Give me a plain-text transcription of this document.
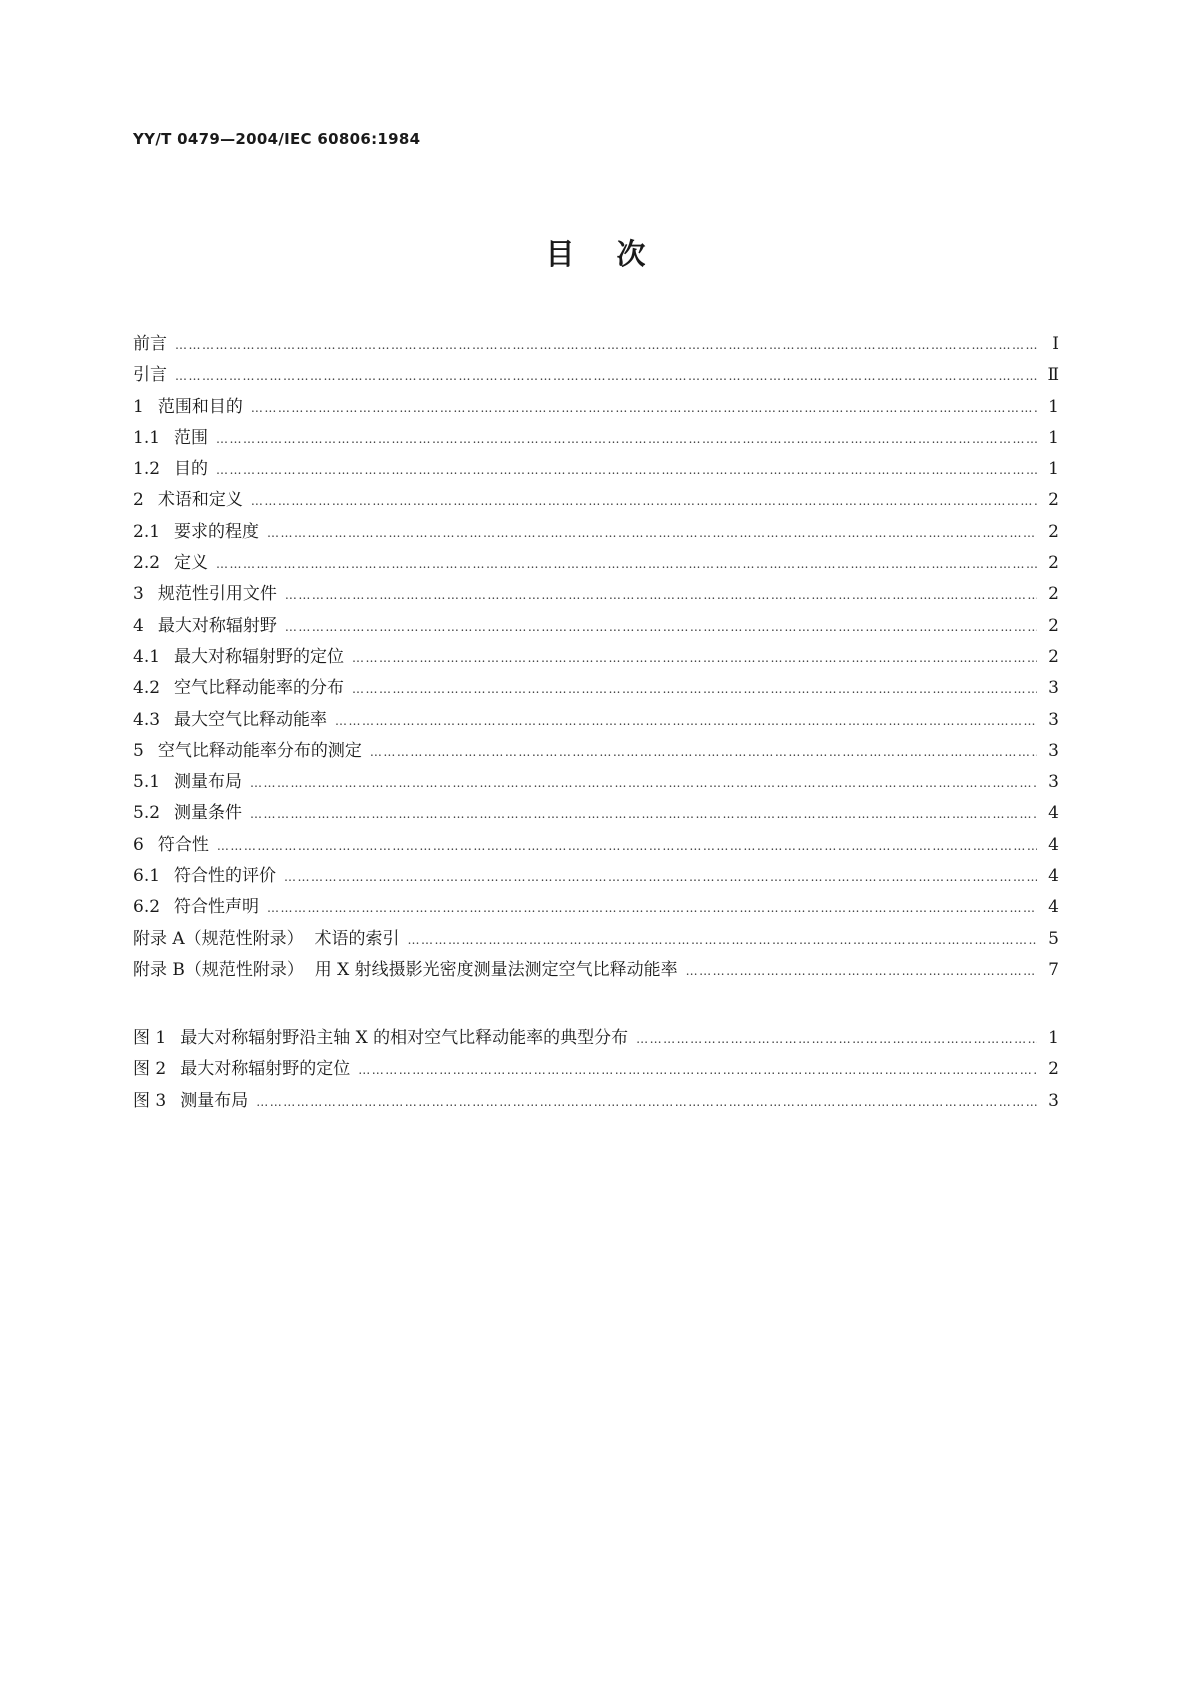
YY/T 0479—2004/IEC 60806:1984
目次
前言 …………………………………………………………………………………………………………………………………………………………………………………………………………………………………………………………	Ⅰ
引言 …………………………………………………………………………………………………………………………………………………………………………………………………………………………………………………………	Ⅱ
1 范围和目的 …………………………………………………………………………………………………………………………………………………………………………………………………………………………………………………………	1
1.1 范围 …………………………………………………………………………………………………………………………………………………………………………………………………………………………………………………………	1
1.2 目的 …………………………………………………………………………………………………………………………………………………………………………………………………………………………………………………………	1
2 术语和定义 …………………………………………………………………………………………………………………………………………………………………………………………………………………………………………………………	2
2.1 要求的程度 …………………………………………………………………………………………………………………………………………………………………………………………………………………………………………………………	2
2.2 定义 …………………………………………………………………………………………………………………………………………………………………………………………………………………………………………………………	2
3 规范性引用文件 …………………………………………………………………………………………………………………………………………………………………………………………………………………………………………………………	2
4 最大对称辐射野 …………………………………………………………………………………………………………………………………………………………………………………………………………………………………………………………	2
4.1 最大对称辐射野的定位 …………………………………………………………………………………………………………………………………………………………………………………………………………………………………………………………	2
4.2 空气比释动能率的分布 …………………………………………………………………………………………………………………………………………………………………………………………………………………………………………………………	3
4.3 最大空气比释动能率 …………………………………………………………………………………………………………………………………………………………………………………………………………………………………………………………	3
5 空气比释动能率分布的测定 …………………………………………………………………………………………………………………………………………………………………………………………………………………………………………………………	3
5.1 测量布局 …………………………………………………………………………………………………………………………………………………………………………………………………………………………………………………………	3
5.2 测量条件 …………………………………………………………………………………………………………………………………………………………………………………………………………………………………………………………	4
6 符合性 …………………………………………………………………………………………………………………………………………………………………………………………………………………………………………………………	4
6.1 符合性的评价 …………………………………………………………………………………………………………………………………………………………………………………………………………………………………………………………	4
6.2 符合性声明 …………………………………………………………………………………………………………………………………………………………………………………………………………………………………………………………	4
附录 A（规范性附录）  术语的索引 …………………………………………………………………………………………………………………………………………………………………………………………………………………………………………………………	5
附录 B（规范性附录）  用 X 射线摄影光密度测量法测定空气比释动能率 …………………………………………………………………………………………………………………………………………………………………………………………………………………………………………………………	7
图 1 最大对称辐射野沿主轴 X 的相对空气比释动能率的典型分布 …………………………………………………………………………………………………………………………………………………………………………………………………………………………………………………………	1
图 2 最大对称辐射野的定位 …………………………………………………………………………………………………………………………………………………………………………………………………………………………………………………………	2
图 3 测量布局 …………………………………………………………………………………………………………………………………………………………………………………………………………………………………………………………	3
